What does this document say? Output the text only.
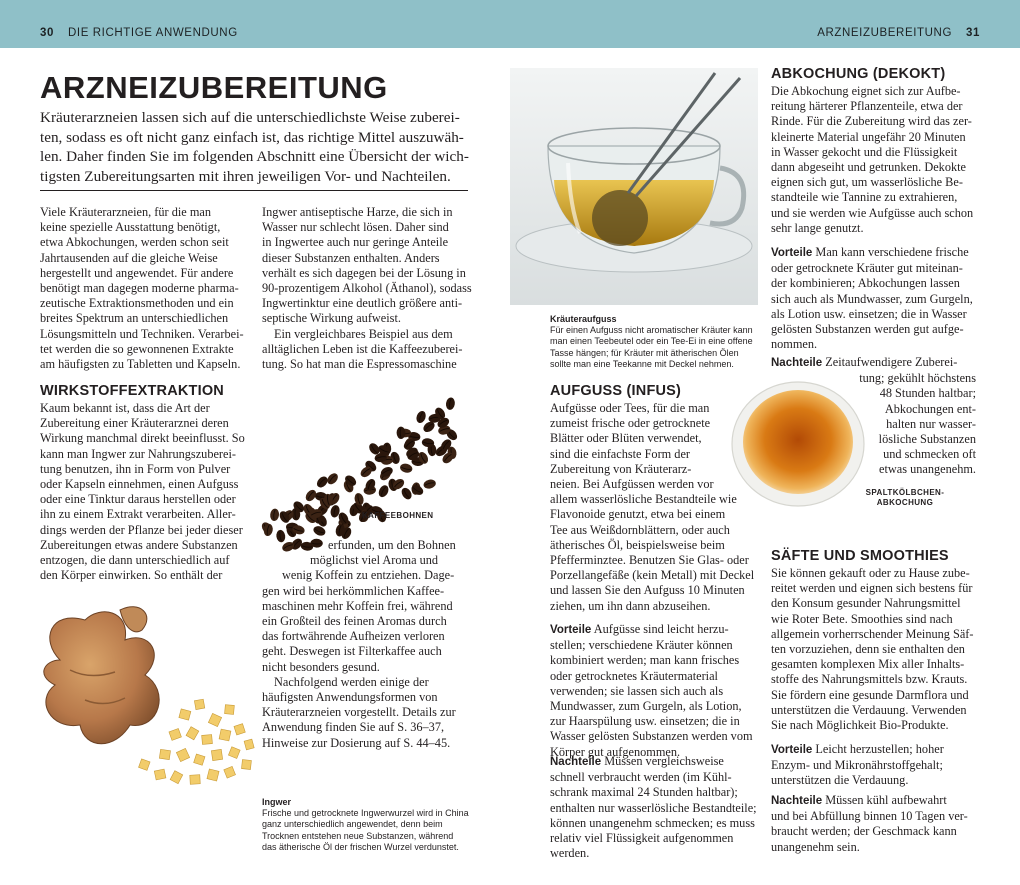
30 DIE RICHTIGE ANWENDUNG	ARZNEIZUBEREITUNG 31
ARZNEIZUBEREITUNG
Kräuterarzneien lassen sich auf die unterschiedlichste Weise zuberei-
ten, sodass es oft nicht ganz einfach ist, das richtige Mittel auszuwäh-
len. Daher finden Sie im folgenden Abschnitt eine Übersicht der wich-
tigsten Zubereitungsarten mit ihren jeweiligen Vor- und Nachteilen.
Viele Kräuterarzneien, für die man
keine spezielle Ausstattung benötigt,
etwa Abkochungen, werden schon seit
Jahrtausenden auf die gleiche Weise
hergestellt und angewendet. Für andere
benötigt man dagegen moderne pharma-
zeutische Extraktionsmethoden und ein
breites Spektrum an unterschiedlichen
Lösungsmitteln und Techniken. Verarbei-
tet werden die so gewonnenen Extrakte
am häufigsten zu Tabletten und Kapseln.
WIRKSTOFFEXTRAKTION
Kaum bekannt ist, dass die Art der
Zubereitung einer Kräuterarznei deren
Wirkung manchmal direkt beeinflusst. So
kann man Ingwer zur Nahrungszuberei-
tung benutzen, ihn in Form von Pulver
oder Kapseln einnehmen, einen Aufguss
oder eine Tinktur daraus herstellen oder
ihn zu einem Extrakt verarbeiten. Aller-
dings werden der Pflanze bei jeder dieser
Zubereitungen etwas andere Substanzen
entzogen, die dann unterschiedlich auf
den Körper einwirken. So enthält der
Ingwer
Frische und getrocknete Ingwerwurzel wird in China
ganz unterschiedlich angewendet, denn beim
Trocknen entstehen neue Substanzen, während
das ätherische Öl der frischen Wurzel verdunstet.
Ingwer antiseptische Harze, die sich in
Wasser nur schlecht lösen. Daher sind
in Ingwertee auch nur geringe Anteile
dieser Substanzen enthalten. Anders
verhält es sich dagegen bei der Lösung in
90-prozentigem Alkohol (Äthanol), sodass
Ingwertinktur eine deutlich größere anti-
septische Wirkung aufweist.
Ein vergleichbares Beispiel aus dem
alltäglichen Leben ist die Kaffeezuberei-
tung. So hat man die Espressomaschine
KAFFEEBOHNEN
erfunden, um den Bohnen
möglichst viel Aroma und
wenig Koffein zu entziehen. Dage-
gen wird bei herkömmlichen Kaffee-
maschinen mehr Koffein frei, während
ein Großteil des feinen Aromas durch
das fortwährende Aufheizen verloren
geht. Deswegen ist Filterkaffee auch
nicht besonders gesund.
Nachfolgend werden einige der
häufigsten Anwendungsformen von
Kräuterarzneien vorgestellt. Details zur
Anwendung finden Sie auf S. 36–37,
Hinweise zur Dosierung auf S. 44–45.
Kräuteraufguss
Für einen Aufguss nicht aromatischer Kräuter kann
man einen Teebeutel oder ein Tee-Ei in eine offene
Tasse hängen; für Kräuter mit ätherischen Ölen
sollte man eine Teekanne mit Deckel nehmen.
AUFGUSS (INFUS)
Aufgüsse oder Tees, für die man
zumeist frische oder getrocknete
Blätter oder Blüten verwendet,
sind die einfachste Form der
Zubereitung von Kräuterarz-
neien. Bei Aufgüssen werden vor
allem wasserlösliche Bestandteile wie
Flavonoide genutzt, etwa bei einem
Tee aus Weißdornblättern, oder auch
ätherisches Öl, beispielsweise beim
Pfefferminztee. Benutzen Sie Glas- oder
Porzellangefäße (kein Metall) mit Deckel
und lassen Sie den Aufguss 10 Minuten
ziehen, um ihn dann abzuseihen.
Vorteile Aufgüsse sind leicht herzu-
stellen; verschiedene Kräuter können
kombiniert werden; man kann frisches
oder getrocknetes Kräutermaterial
verwenden; sie lassen sich auch als
Mundwasser, zum Gurgeln, als Lotion,
zur Haarspülung usw. einsetzen; die in
Wasser gelösten Substanzen werden vom
Körper gut aufgenommen.
Nachteile Müssen vergleichsweise
schnell verbraucht werden (im Kühl-
schrank maximal 24 Stunden haltbar);
enthalten nur wasserlösliche Bestandteile;
können unangenehm schmecken; es muss
relativ viel Flüssigkeit aufgenommen
werden.
ABKOCHUNG (DEKOKT)
Die Abkochung eignet sich zur Aufbe-
reitung härterer Pflanzenteile, etwa der
Rinde. Für die Zubereitung wird das zer-
kleinerte Material ungefähr 20 Minuten
in Wasser gekocht und die Flüssigkeit
dann abgeseiht und getrunken. Dekokte
eignen sich gut, um wasserlösliche Be-
standteile wie Tannine zu extrahieren,
und sie werden wie Aufgüsse auch schon
sehr lange genutzt.
Vorteile Man kann verschiedene frische
oder getrocknete Kräuter gut miteinan-
der kombinieren; Abkochungen lassen
sich auch als Mundwasser, zum Gurgeln,
als Lotion usw. einsetzen; die in Wasser
gelösten Substanzen werden gut aufge-
nommen.
Nachteile Zeitaufwendigere Zuberei-
tung; gekühlt höchstens
48 Stunden haltbar;
Abkochungen ent-
halten nur wasser-
lösliche Substanzen
und schmecken oft
etwas unangenehm.
SPALTKÖLBCHEN-
ABKOCHUNG
SÄFTE UND SMOOTHIES
Sie können gekauft oder zu Hause zube-
reitet werden und eignen sich bestens für
den Konsum gesunder Nahrungsmittel
wie Roter Bete. Smoothies sind nach
allgemein vorherrschender Meinung Säf-
ten vorzuziehen, denn sie enthalten den
gesamten komplexen Mix aller Inhalts-
stoffe des Nahrungsmittels bzw. Krauts.
Sie fördern eine gesunde Darmflora und
unterstützen die Verdauung. Verwenden
Sie nach Möglichkeit Bio-Produkte.
Vorteile Leicht herzustellen; hoher
Enzym- und Mikronährstoffgehalt;
unterstützen die Verdauung.
Nachteile Müssen kühl aufbewahrt
und bei Abfüllung binnen 10 Tagen ver-
braucht werden; der Geschmack kann
unangenehm sein.
